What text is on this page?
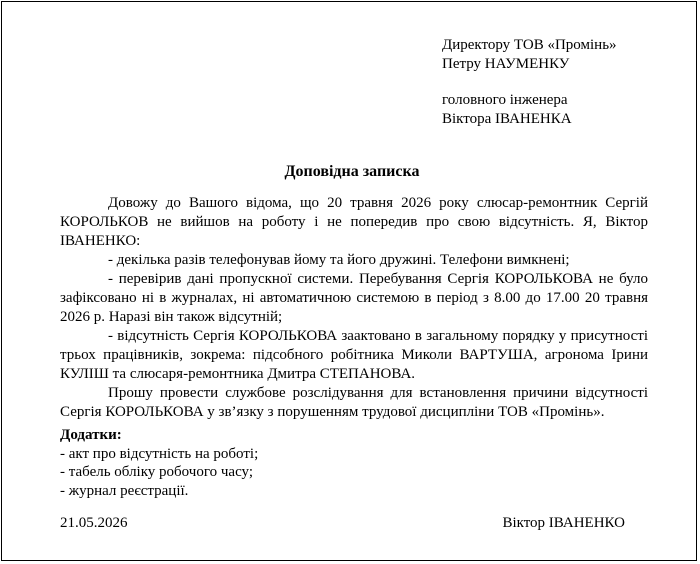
Директору ТОВ «Промінь»
Петру НАУМЕНКУ
головного інженера
Віктора ІВАНЕНКА
Доповідна записка

Довожу до Вашого відома, що 20 травня 2026 року слюсар-ремонтник Сергій КОРОЛЬКОВ не вийшов на роботу і не попередив про свою відсутність. Я, Віктор ІВАНЕНКО:

- декілька разів телефонував йому та його дружині. Телефони вимкнені;

- перевірив дані пропускної системи. Перебування Сергія КОРОЛЬКОВА не було зафіксовано ні в журналах, ні автоматичною системою в період з 8.00 до 17.00 20 травня 2026 р. Наразі він також відсутній;

- відсутність Сергія КОРОЛЬКОВА заактовано в загальному порядку у присутності трьох працівників, зокрема: підсобного робітника Миколи ВАРТУША, агронома Ірини КУЛІШ та слюсаря-ремонтника Дмитра СТЕПАНОВА.

Прошу провести службове розслідування для встановлення причини відсутності Сергія КОРОЛЬКОВА у зв’язку з порушенням трудової дисципліни ТОВ «Промінь».

Додатки:
- акт про відсутність на роботі;
- табель обліку робочого часу;
- журнал реєстрації.
21.05.2026	Віктор ІВАНЕНКО
